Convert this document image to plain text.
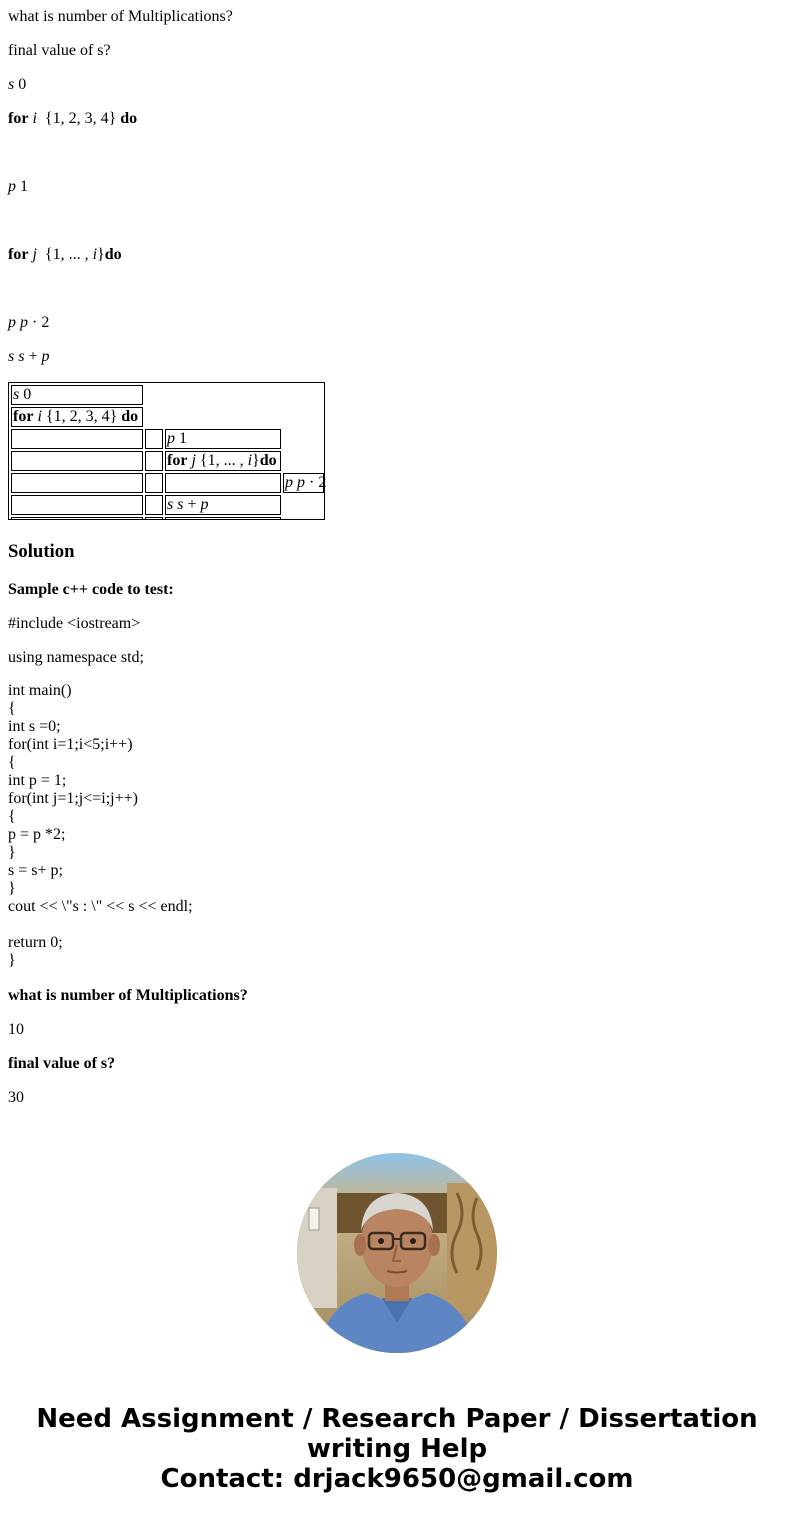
what is number of Multiplications?

final value of s?

s 0

for i {1, 2, 3, 4} do

p 1

for j {1, ... , i}do

p p · 2

s s + p

s 0
for i {1, 2, 3, 4} do
p 1
for j {1, ... , i}do
p p · 2
s s + p
Solution

Sample c++ code to test:

#include <iostream>

using namespace std;

int main()
{
int s =0;
for(int i=1;i<5;i++)
{
int p = 1;
for(int j=1;j<=i;j++)
{
p = p *2;
}
s = s+ p;
}
cout << \"s : \" << s << endl;
return 0;
}

what is number of Multiplications?

10

final value of s?

30

Need Assignment / Research Paper / Dissertation
writing Help
Contact: drjack9650@gmail.com
